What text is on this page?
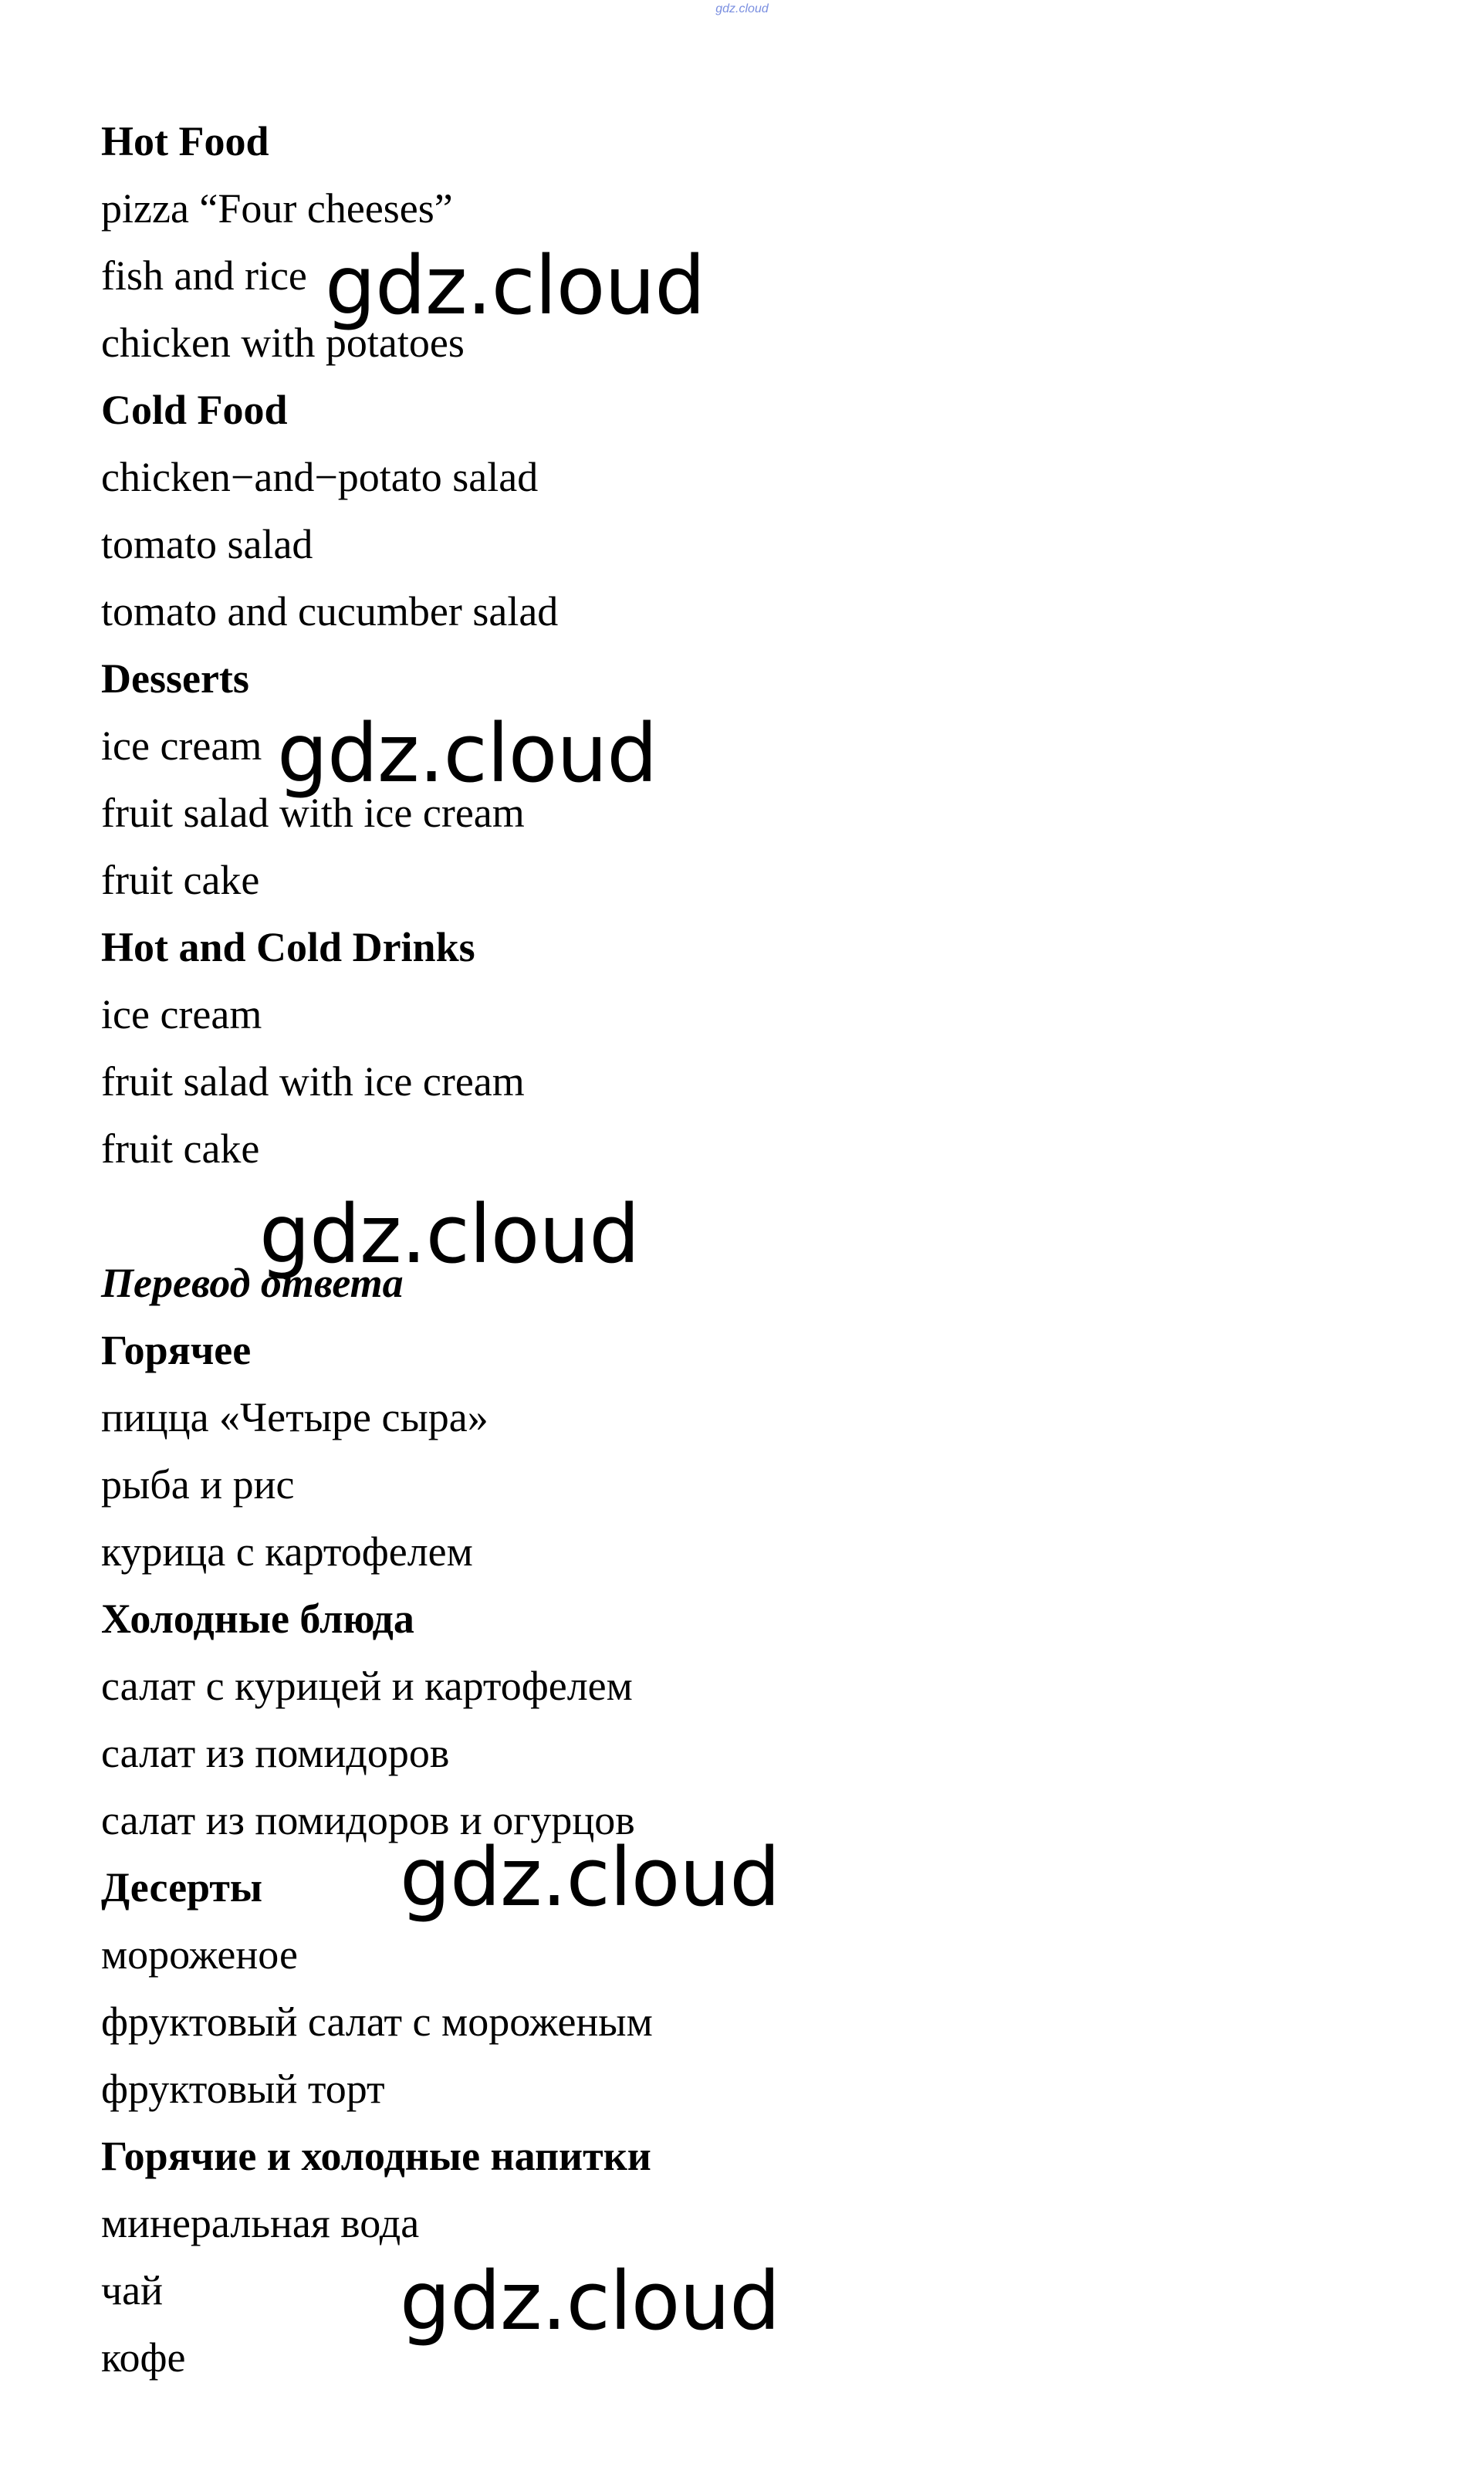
gdz.cloud
Hot Food
pizza “Four cheeses”
fish and rice
chicken with potatoes
Cold Food
chicken−and−potato salad
tomato salad
tomato and cucumber salad
Desserts
ice cream
fruit salad with ice cream
fruit cake
Hot and Cold Drinks
ice cream
fruit salad with ice cream
fruit cake
Перевод ответа
Горячее
пицца «Четыре сыра»
рыба и рис
курица с картофелем
Холодные блюда
салат с курицей и картофелем
салат из помидоров
салат из помидоров и огурцов
Десерты
мороженое
фруктовый салат с мороженым
фруктовый торт
Горячие и холодные напитки
минеральная вода
чай
кофе
gdz.cloud
gdz.cloud
gdz.cloud
gdz.cloud
gdz.cloud
